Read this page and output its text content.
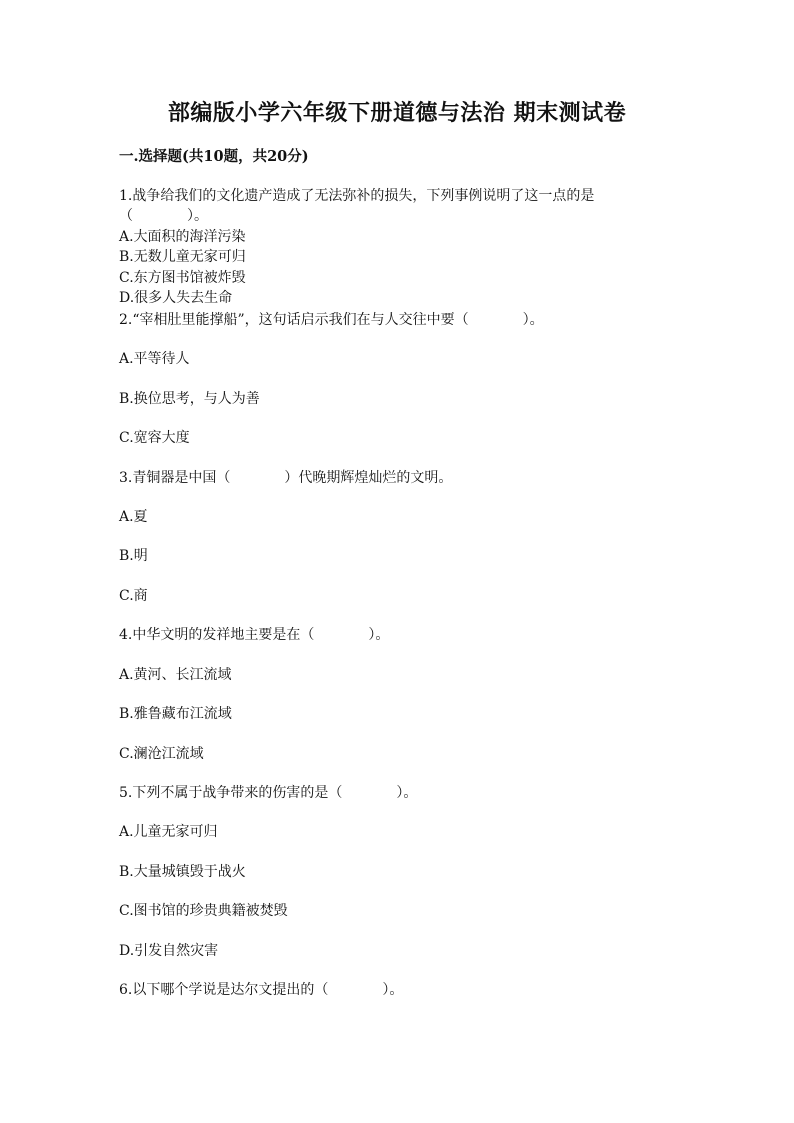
部编版小学六年级下册道德与法治 期末测试卷
一.选择题(共10题，共20分)
1.战争给我们的文化遗产造成了无法弥补的损失，下列事例说明了这一点的是
（	）。
A.大面积的海洋污染
B.无数儿童无家可归
C.东方图书馆被炸毁
D.很多人失去生命
2.“宰相肚里能撑船”，这句话启示我们在与人交往中要（	）。
A.平等待人
B.换位思考，与人为善
C.宽容大度
3.青铜器是中国（	）代晚期辉煌灿烂的文明。
A.夏
B.明
C.商
4.中华文明的发祥地主要是在（	）。
A.黄河、长江流域
B.雅鲁藏布江流域
C.澜沧江流域
5.下列不属于战争带来的伤害的是（	）。
A.儿童无家可归
B.大量城镇毁于战火
C.图书馆的珍贵典籍被焚毁
D.引发自然灾害
6.以下哪个学说是达尔文提出的（	）。
